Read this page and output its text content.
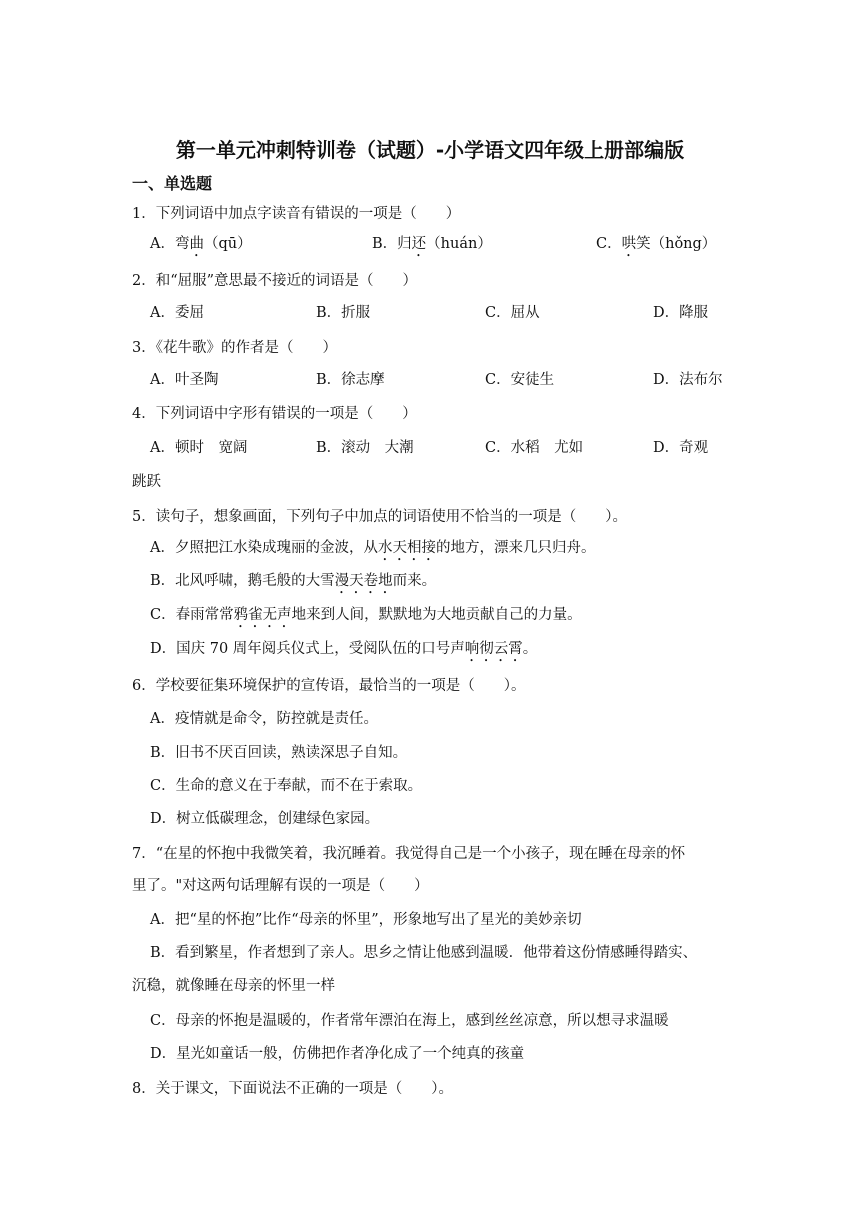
第一单元冲刺特训卷（试题）-小学语文四年级上册部编版
一、单选题
1．下列词语中加点字读音有错误的一项是（　　）
A．弯曲（qū）	B．归还（huán）	C．哄笑（hǒng）
2．和“屈服”意思最不接近的词语是（　　）
A．委屈	B．折服	C．屈从	D．降服
3．《花牛歌》的作者是（　　）
A．叶圣陶	B．徐志摩	C．安徒生	D．法布尔
4．下列词语中字形有错误的一项是（　　）
A．顿时　宽阔	B．滚动　大潮	C．水稻　尤如	D．奇观
跳跃
5．读句子，想象画面，下列句子中加点的词语使用不恰当的一项是（　　）。
A．夕照把江水染成瑰丽的金波，从水天相接的地方，漂来几只归舟。
B．北风呼啸，鹅毛般的大雪漫天卷地而来。
C．春雨常常鸦雀无声地来到人间，默默地为大地贡献自己的力量。
D．国庆 70 周年阅兵仪式上，受阅队伍的口号声响彻云霄。
6．学校要征集环境保护的宣传语，最恰当的一项是（　　）。
A．疫情就是命令，防控就是责任。
B．旧书不厌百回读，熟读深思子自知。
C．生命的意义在于奉献，而不在于索取。
D．树立低碳理念，创建绿色家园。
7．“在星的怀抱中我微笑着，我沉睡着。我觉得自己是一个小孩子，现在睡在母亲的怀
里了。"对这两句话理解有误的一项是（　　）
A．把“星的怀抱”比作“母亲的怀里”，形象地写出了星光的美妙亲切
B．看到繁星，作者想到了亲人。思乡之情让他感到温暖．他带着这份情感睡得踏实、
沉稳，就像睡在母亲的怀里一样
C．母亲的怀抱是温暖的，作者常年漂泊在海上，感到丝丝凉意，所以想寻求温暖
D．星光如童话一般，仿佛把作者净化成了一个纯真的孩童
8．关于课文，下面说法不正确的一项是（　　）。
